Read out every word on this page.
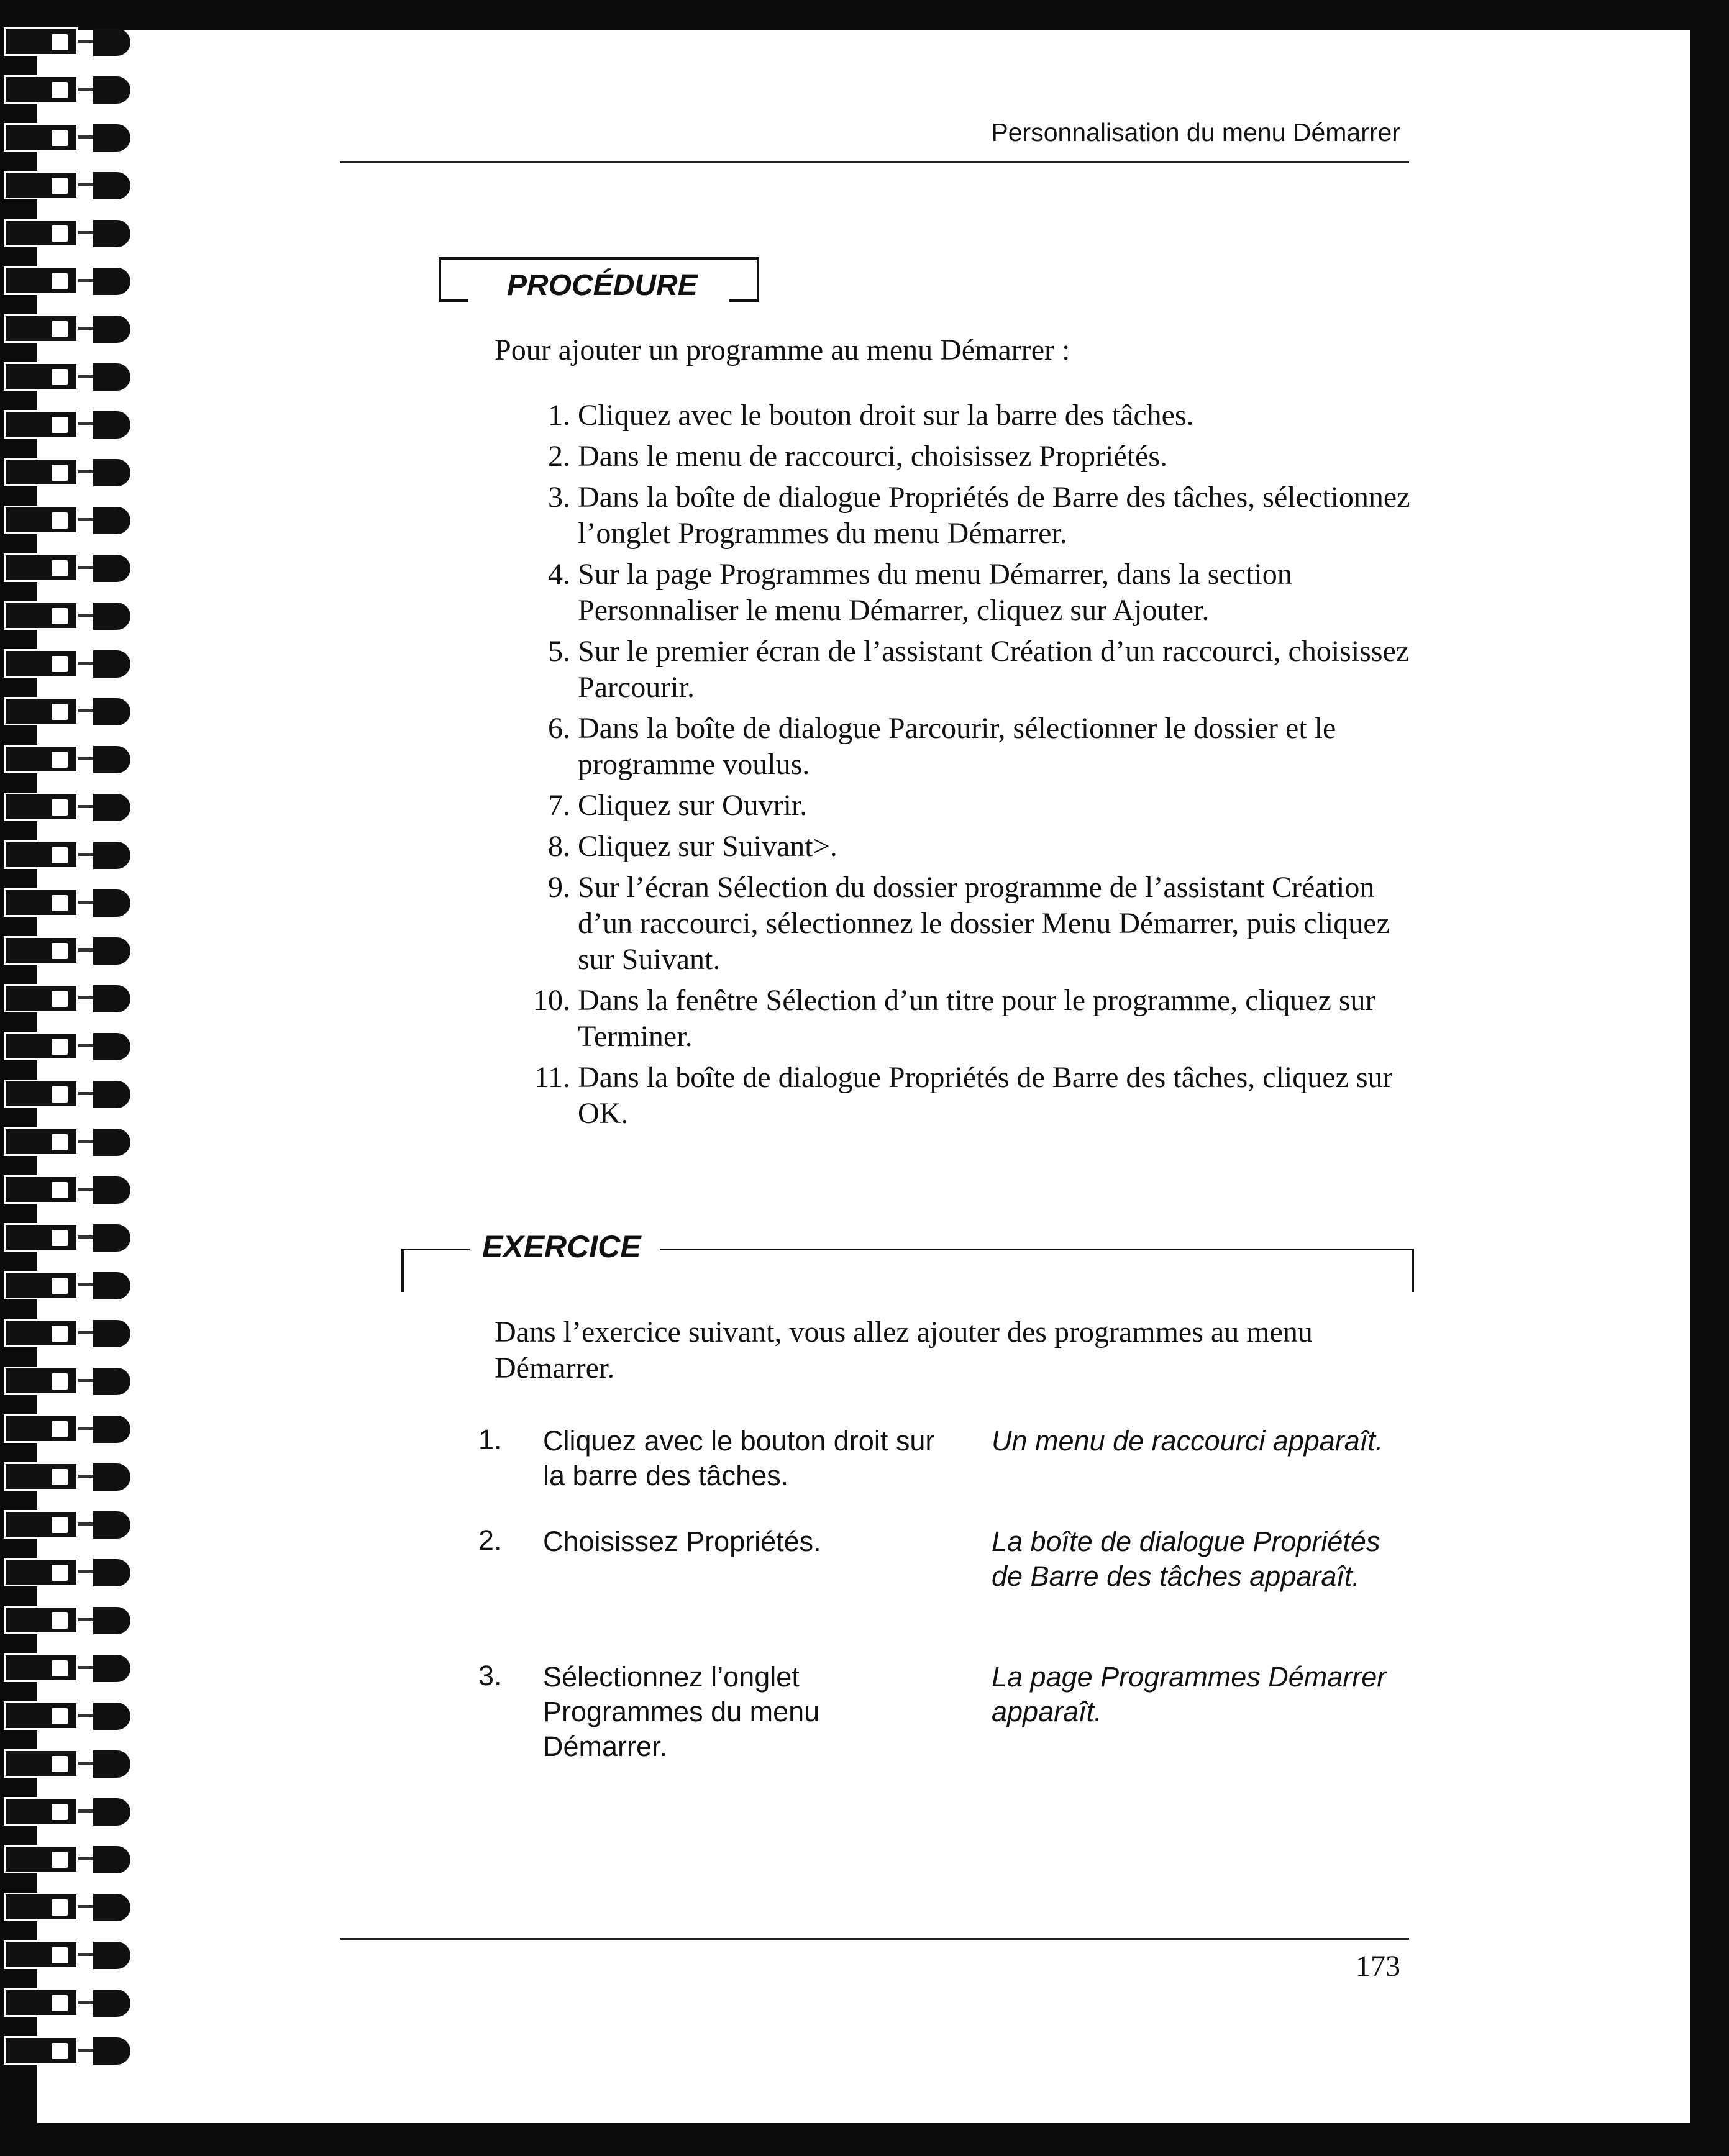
Personnalisation du menu Démarrer
PROCÉDURE
Pour ajouter un programme au menu Démarrer :
1. Cliquez avec le bouton droit sur la barre des tâches.
2. Dans le menu de raccourci, choisissez Propriétés.
3. Dans la boîte de dialogue Propriétés de Barre des tâches, sélectionnez l’onglet Programmes du menu Démarrer.
4. Sur la page Programmes du menu Démarrer, dans la section Personnaliser le menu Démarrer, cliquez sur Ajouter.
5. Sur le premier écran de l’assistant Création d’un raccourci, choisissez Parcourir.
6. Dans la boîte de dialogue Parcourir, sélectionner le dossier et le programme voulus.
7. Cliquez sur Ouvrir.
8. Cliquez sur Suivant>.
9. Sur l’écran Sélection du dossier programme de l’assistant Création d’un raccourci, sélectionnez le dossier Menu Démarrer, puis cliquez sur Suivant.
10. Dans la fenêtre Sélection d’un titre pour le programme, cliquez sur Terminer.
11. Dans la boîte de dialogue Propriétés de Barre des tâches, cliquez sur OK.
EXERCICE
Dans l’exercice suivant, vous allez ajouter des programmes au menu Démarrer.
1. Cliquez avec le bouton droit sur la barre des tâches.
Un menu de raccourci apparaît.
2. Choisissez Propriétés.	La boîte de dialogue Propriétés de Barre des tâches apparaît.
3. Sélectionnez l’onglet Programmes du menu Démarrer.
La page Programmes Démarrer apparaît.
173
